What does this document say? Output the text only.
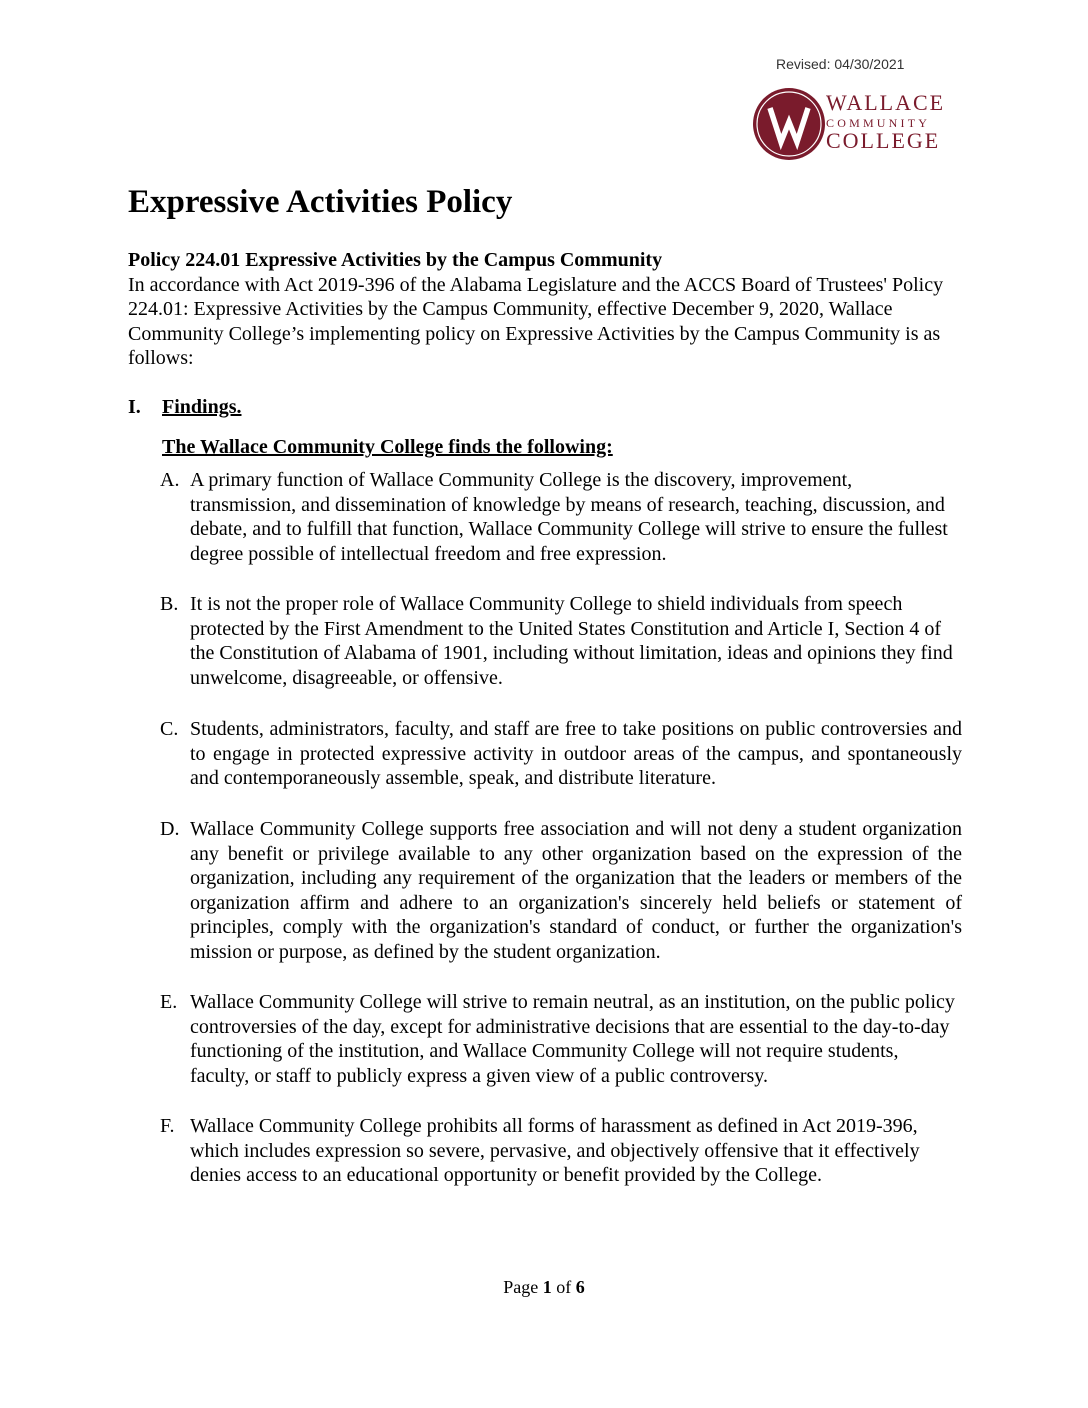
Revised: 04/30/2021
WALLACE
COMMUNITY
COLLEGE
Expressive Activities Policy
Policy 224.01 Expressive Activities by the Campus Community
In accordance with Act 2019-396 of the Alabama Legislature and the ACCS Board of Trustees' Policy 224.01: Expressive Activities by the Campus Community, effective December 9, 2020, Wallace Community College’s implementing policy on Expressive Activities by the Campus Community is as follows:
I. Findings.
The Wallace Community College finds the following:
A. A primary function of Wallace Community College is the discovery, improvement, transmission, and dissemination of knowledge by means of research, teaching, discussion, and debate, and to fulfill that function, Wallace Community College will strive to ensure the fullest degree possible of intellectual freedom and free expression.
B. It is not the proper role of Wallace Community College to shield individuals from speech protected by the First Amendment to the United States Constitution and Article I, Section 4 of the Constitution of Alabama of 1901, including without limitation, ideas and opinions they find unwelcome, disagreeable, or offensive.
C. Students, administrators, faculty, and staff are free to take positions on public controversies and to engage in protected expressive activity in outdoor areas of the campus, and spontaneously and contemporaneously assemble, speak, and distribute literature.
D. Wallace Community College supports free association and will not deny a student organization any benefit or privilege available to any other organization based on the expression of the organization, including any requirement of the organization that the leaders or members of the organization affirm and adhere to an organization's sincerely held beliefs or statement of principles, comply with the organization's standard of conduct, or further the organization's mission or purpose, as defined by the student organization.
E. Wallace Community College will strive to remain neutral, as an institution, on the public policy controversies of the day, except for administrative decisions that are essential to the day-to-day functioning of the institution, and Wallace Community College will not require students, faculty, or staff to publicly express a given view of a public controversy.
F. Wallace Community College prohibits all forms of harassment as defined in Act 2019-396, which includes expression so severe, pervasive, and objectively offensive that it effectively denies access to an educational opportunity or benefit provided by the College.
Page 1 of 6
